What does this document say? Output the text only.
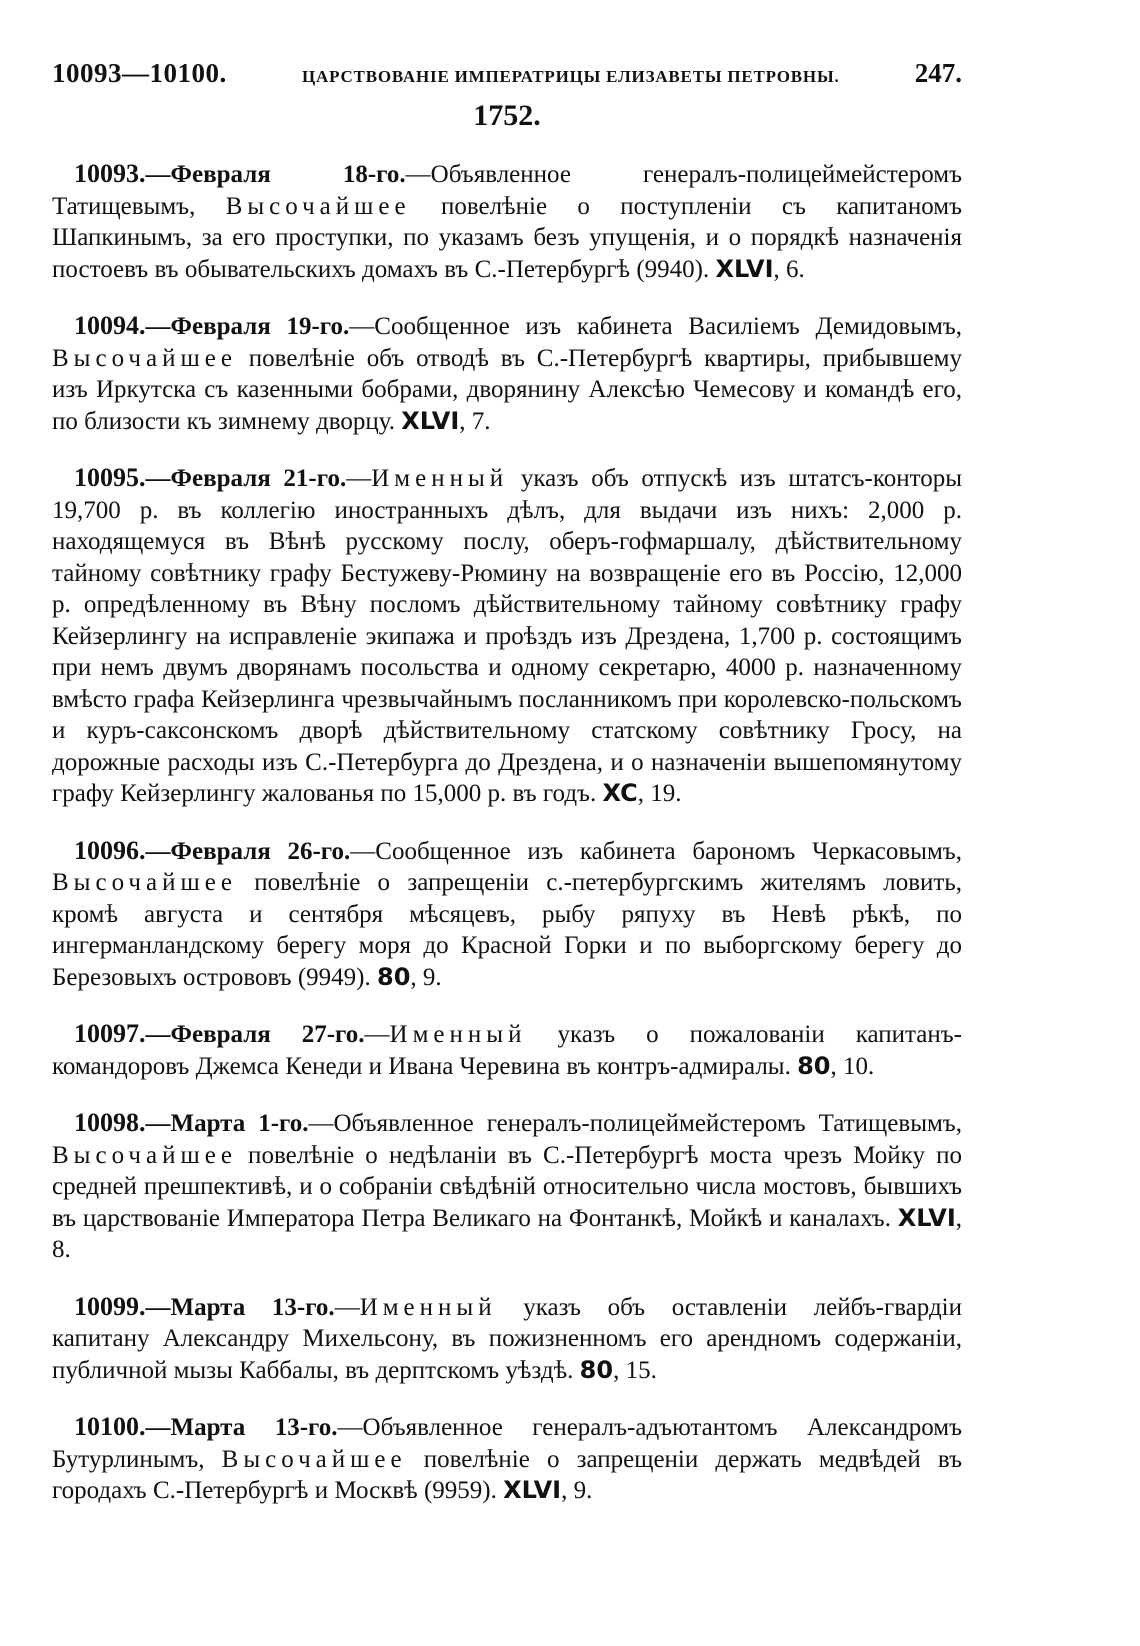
10093—10100.	ЦАРСТВОВАНІЕ ИМПЕРАТРИЦЫ ЕЛИЗАВЕТЫ ПЕТРОВНЫ.	247.
1752.

10093.—Февраля 18-го.—Объявленное генералъ-полицеймейстеромъ Татищевымъ, Высочайшее повелѣніе о поступленіи съ капитаномъ Шапкинымъ, за его проступки, по указамъ безъ упущенія, и о порядкѣ назначенія постоевъ въ обывательскихъ домахъ въ С.-Петербургѣ (9940). XLVI, 6.

10094.—Февраля 19-го.—Сообщенное изъ кабинета Василіемъ Демидовымъ, Высочайшее повелѣніе объ отводѣ въ С.-Петербургѣ квартиры, прибывшему изъ Иркутска съ казенными бобрами, дворянину Алексѣю Чемесову и командѣ его, по близости къ зимнему дворцу. XLVI, 7.

10095.—Февраля 21-го.—Именный указъ объ отпускѣ изъ штатсъ-конторы 19,700 р. въ коллегію иностранныхъ дѣлъ, для выдачи изъ нихъ: 2,000 р. находящемуся въ Вѣнѣ русскому послу, оберъ-гофмаршалу, дѣйствительному тайному совѣтнику графу Бестужеву-Рюмину на возвращеніе его въ Россію, 12,000 р. опредѣленному въ Вѣну посломъ дѣйствительному тайному совѣтнику графу Кейзерлингу на исправленіе экипажа и проѣздъ изъ Дрездена, 1,700 р. состоящимъ при немъ двумъ дворянамъ посольства и одному секретарю, 4000 р. назначенному вмѣсто графа Кейзерлинга чрезвычайнымъ посланникомъ при королевско-польскомъ и куръ-саксонскомъ дворѣ дѣйствительному статскому совѣтнику Гросу, на дорожные расходы изъ С.-Петербурга до Дрездена, и о назначеніи вышепомянутому графу Кейзерлингу жалованья по 15,000 р. въ годъ. XC, 19.

10096.—Февраля 26-го.—Сообщенное изъ кабинета барономъ Черкасовымъ, Высочайшее повелѣніе о запрещеніи с.-петербургскимъ жителямъ ловить, кромѣ августа и сентября мѣсяцевъ, рыбу ряпуху въ Невѣ рѣкѣ, по ингерманландскому берегу моря до Красной Горки и по выборгскому берегу до Березовыхъ острововъ (9949). 80, 9.

10097.—Февраля 27-го.—Именный указъ о пожалованіи капитанъ-командоровъ Джемса Кенеди и Ивана Черевина въ контръ-адмиралы. 80, 10.

10098.—Марта 1-го.—Объявленное генералъ-полицеймейстеромъ Татищевымъ, Высочайшее повелѣніе о недѣланіи въ С.-Петербургѣ моста чрезъ Мойку по средней прешпективѣ, и о собраніи свѣдѣній относительно числа мостовъ, бывшихъ въ царствованіе Императора Петра Великаго на Фонтанкѣ, Мойкѣ и каналахъ. XLVI, 8.

10099.—Марта 13-го.—Именный указъ объ оставленіи лейбъ-гвардіи капитану Александру Михельсону, въ пожизненномъ его арендномъ содержаніи, публичной мызы Каббалы, въ дерптскомъ уѣздѣ. 80, 15.

10100.—Марта 13-го.—Объявленное генералъ-адъютантомъ Александромъ Бутурлинымъ, Высочайшее повелѣніе о запрещеніи держать медвѣдей въ городахъ С.-Петербургѣ и Москвѣ (9959). XLVI, 9.
